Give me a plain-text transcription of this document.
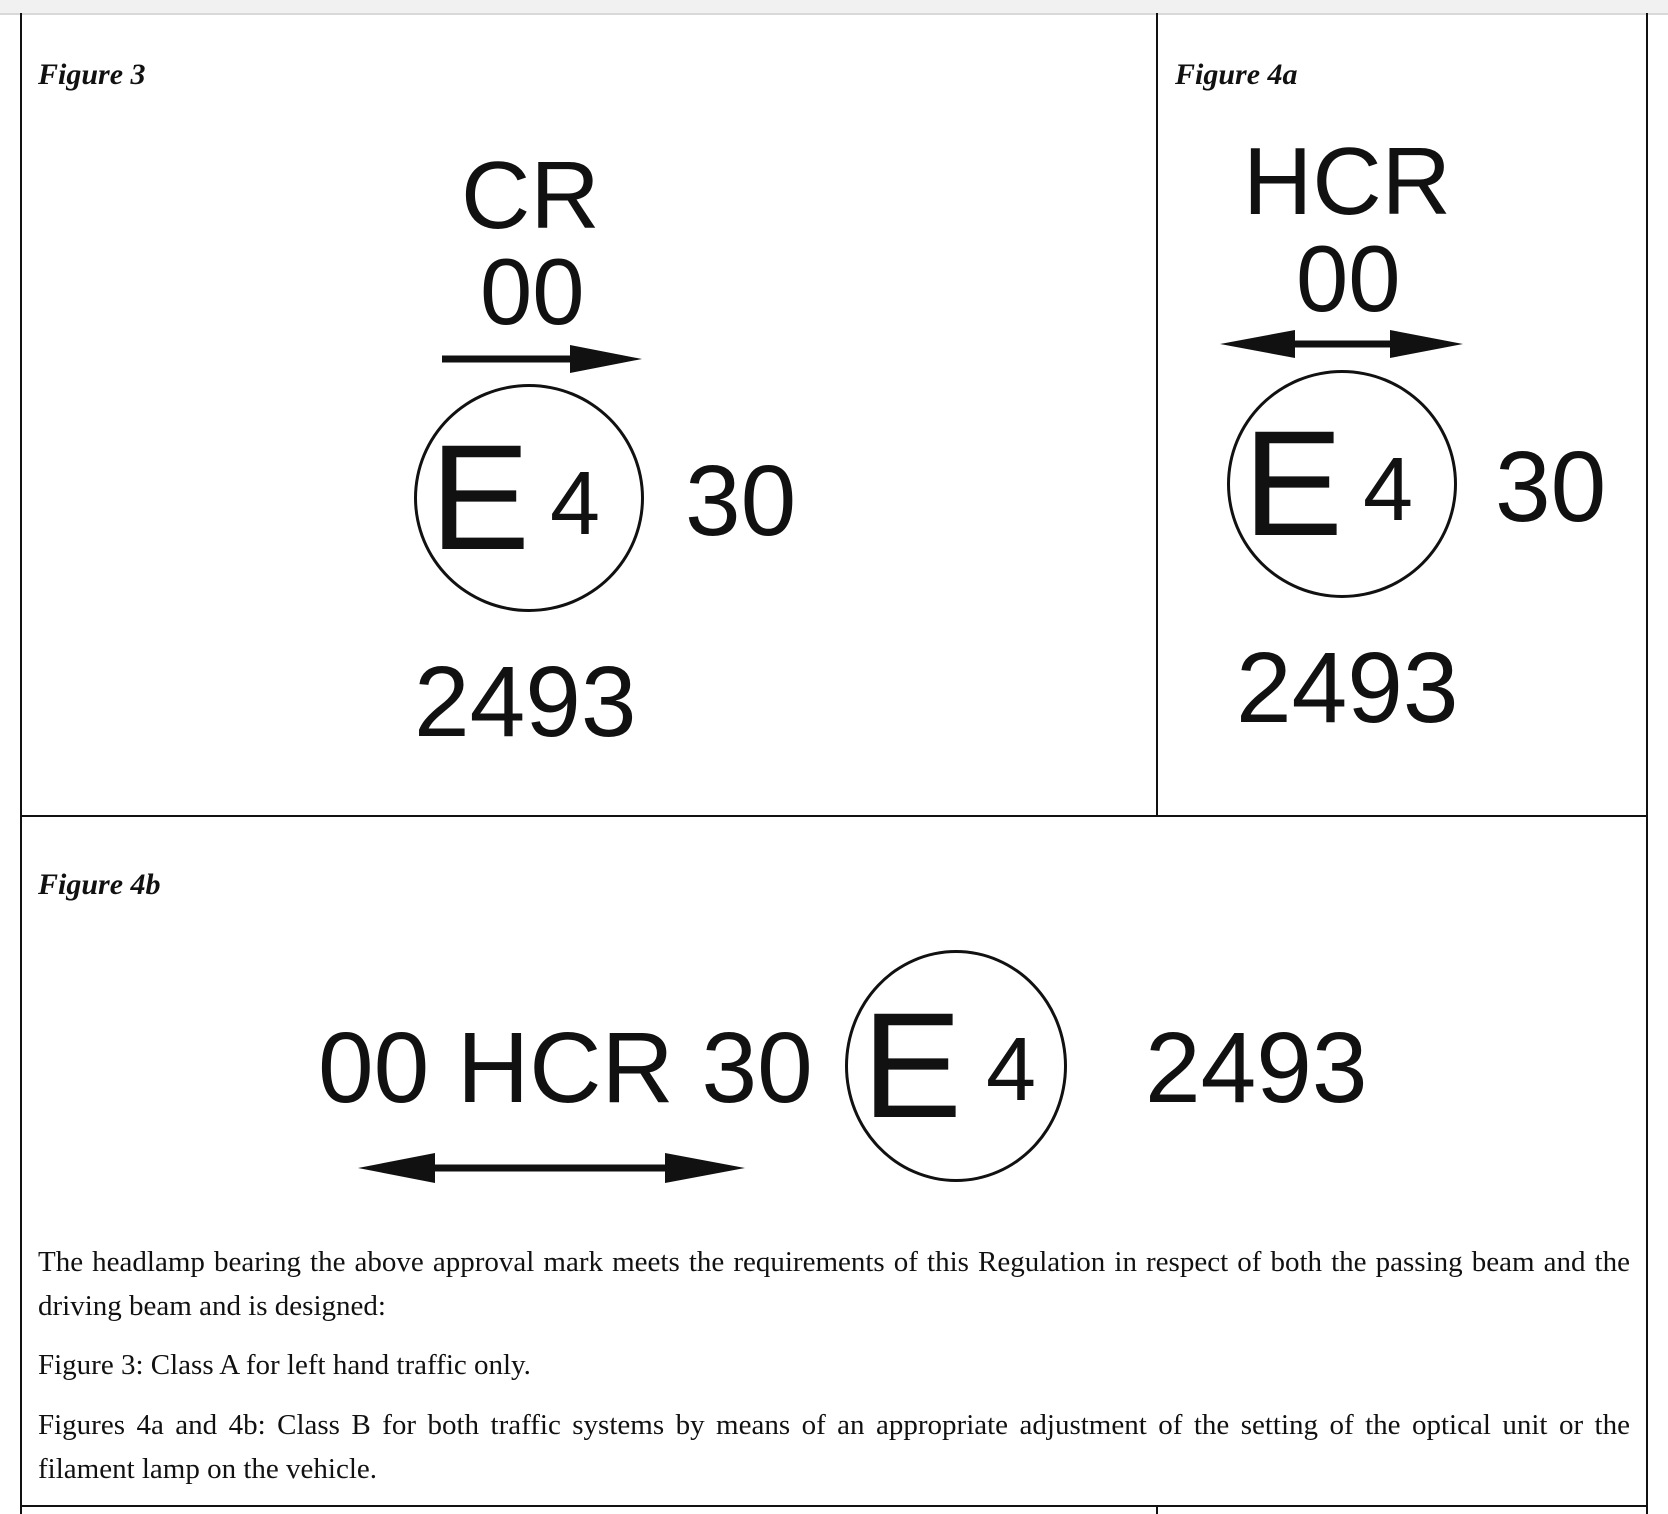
Figure 3
CR
00
E 4 30
2493
Figure 4a
HCR
00
E 4 30
2493
Figure 4b
00 HCR 30 E 4 2493
The headlamp bearing the above approval mark meets the requirements of this Regulation in respect of both the passing beam and the driving beam and is designed:
Figure 3: Class A for left hand traffic only.
Figures 4a and 4b: Class B for both traffic systems by means of an appropriate adjustment of the setting of the optical unit or the filament lamp on the vehicle.
